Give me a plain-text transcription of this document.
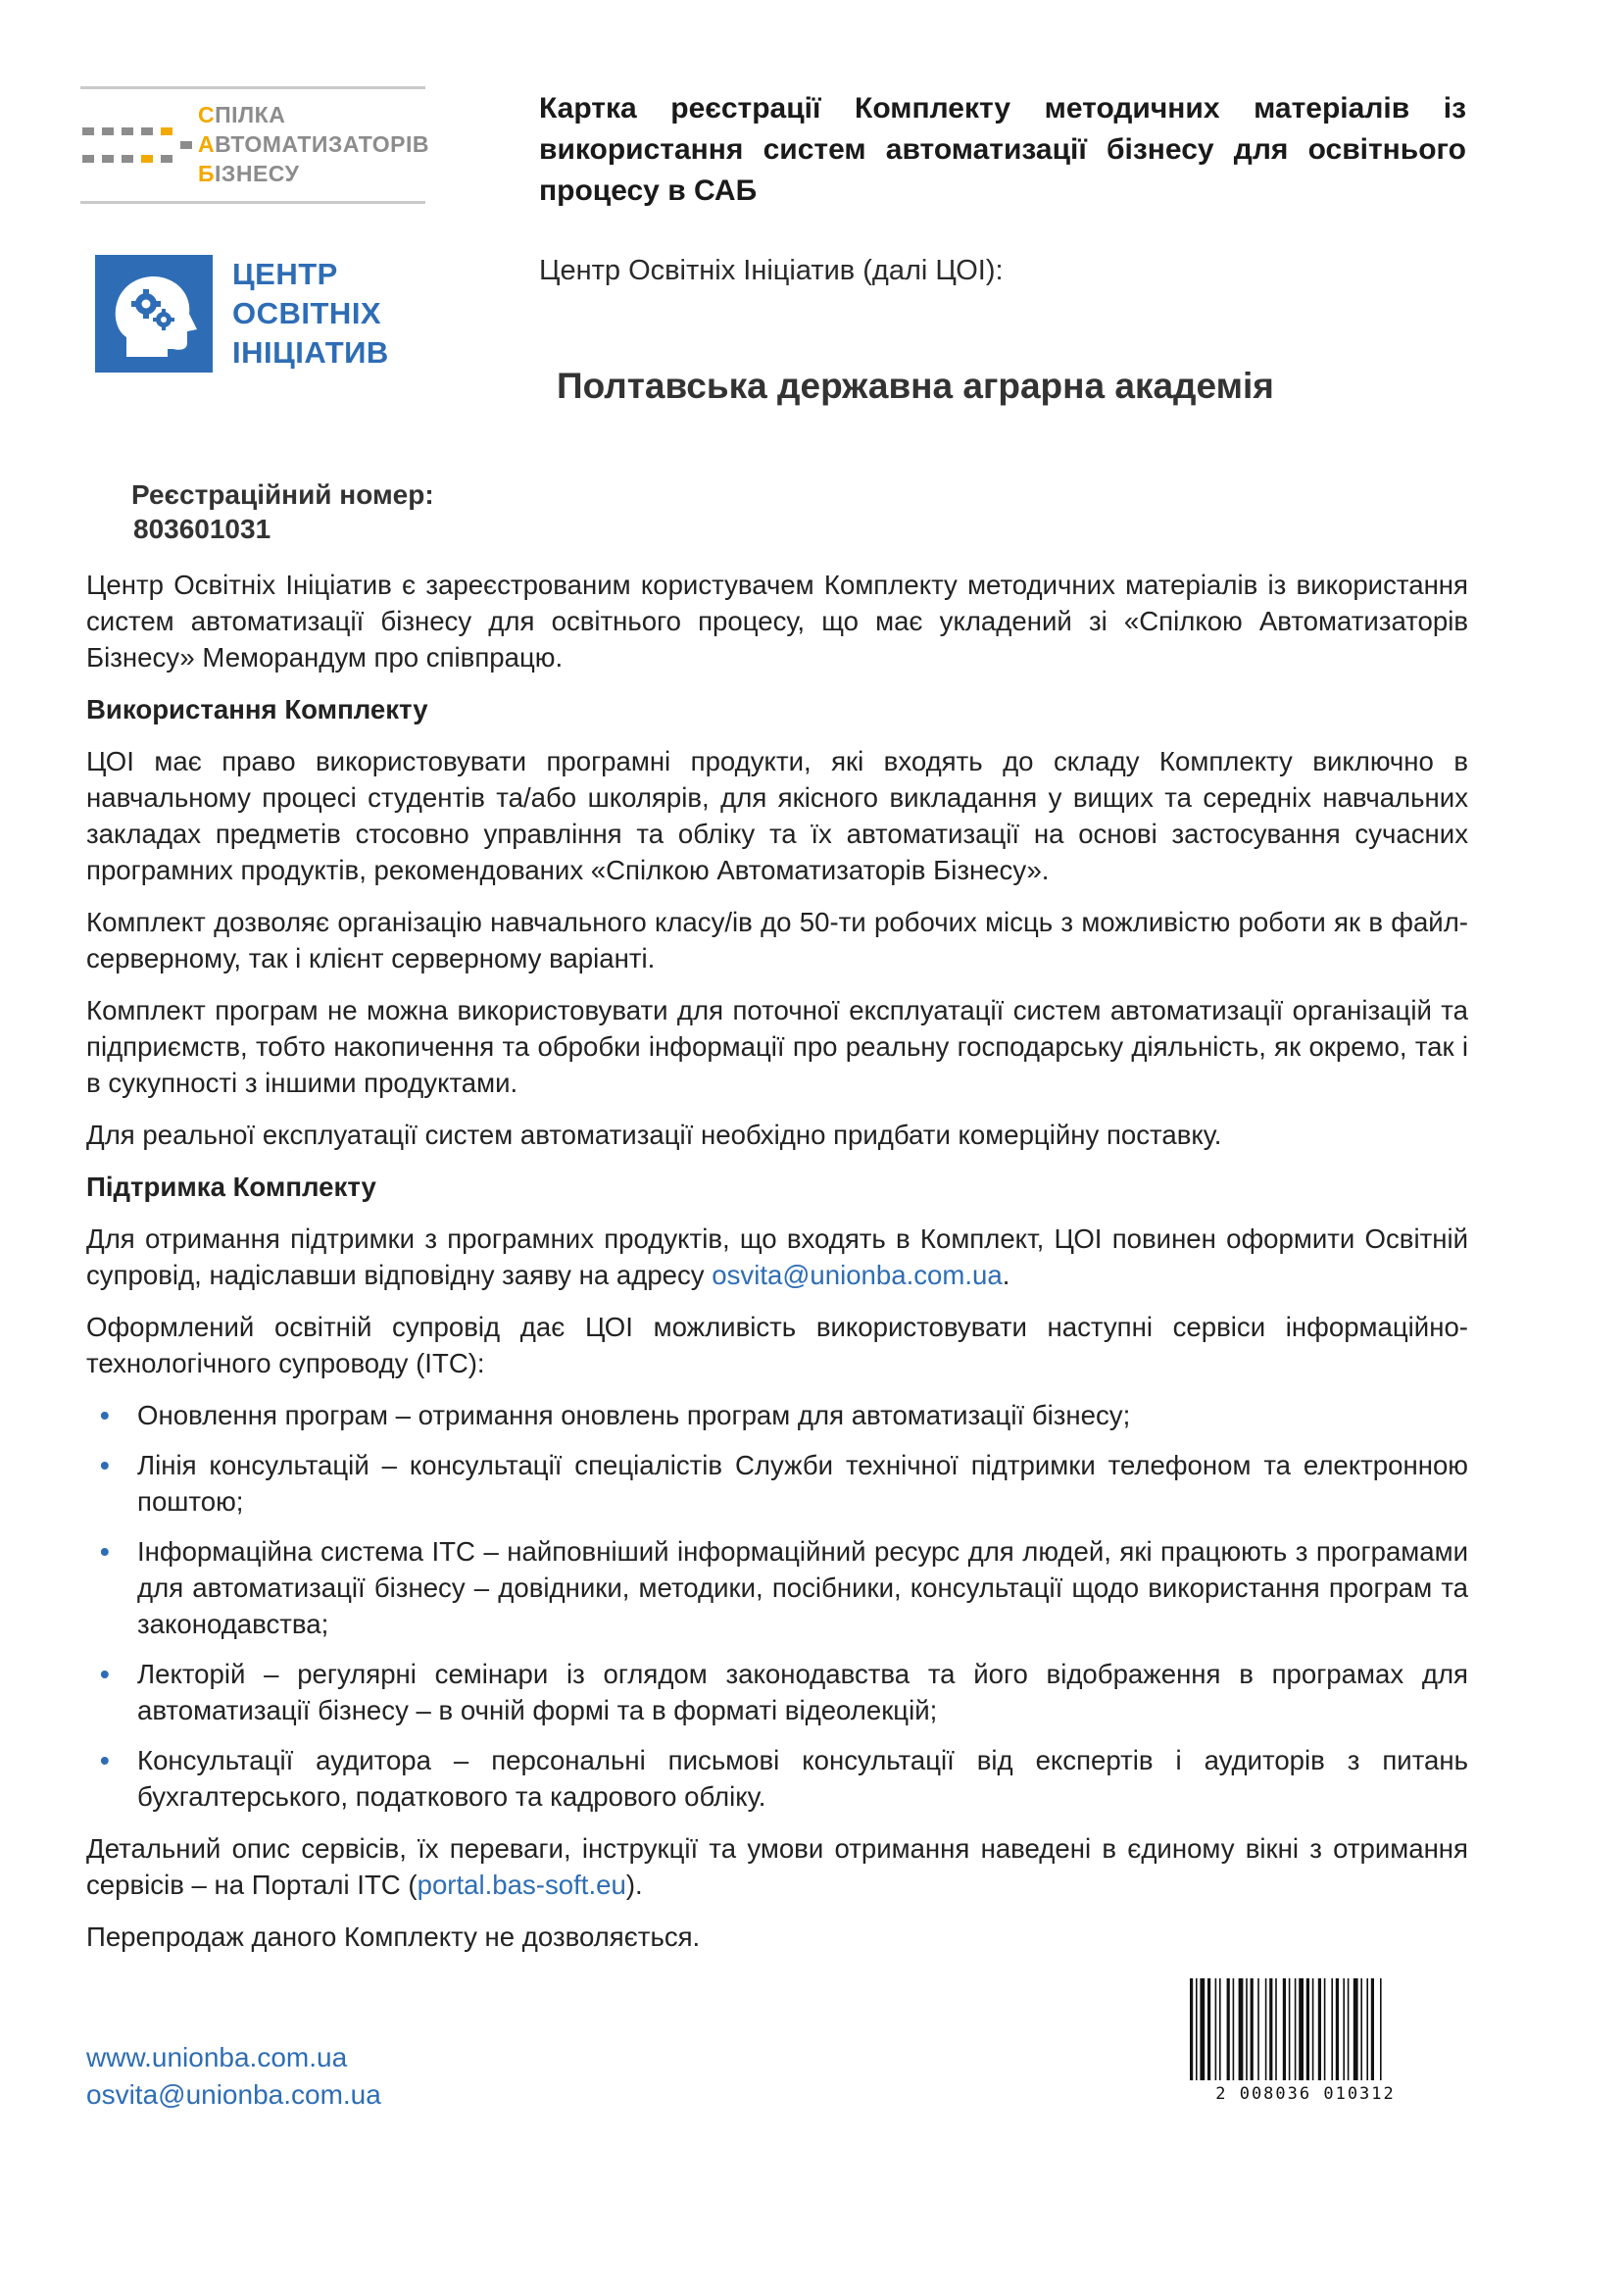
СПІЛКА
АВТОМАТИЗАТОРІВ
БІЗНЕСУ
ЦЕНТР
ОСВІТНІХ
ІНІЦІАТИВ
Реєстраційний номер:
803601031
Картка реєстрації Комплекту методичних матеріалів із використання систем автоматизації бізнесу для освітнього процесу в САБ
Центр Освітніх Ініціатив (далі ЦОІ):
Полтавська державна аграрна академія

Центр Освітніх Ініціатив є зареєстрованим користувачем Комплекту методичних матеріалів із використання систем автоматизації бізнесу для освітнього процесу, що має укладений зі «Спілкою Автоматизаторів Бізнесу» Меморандум про співпрацю.

Використання Комплекту

ЦОІ має право використовувати програмні продукти, які входять до складу Комплекту виключно в навчальному процесі студентів та/або школярів, для якісного викладання у вищих та середніх навчальних закладах предметів стосовно управління та обліку та їх автоматизації на основі застосування сучасних програмних продуктів, рекомендованих «Спілкою Автоматизаторів Бізнесу».

Комплект дозволяє організацію навчального класу/ів до 50-ти робочих місць з можливістю роботи як в файл-серверному, так і клієнт серверному варіанті.

Комплект програм не можна використовувати для поточної експлуатації систем автоматизації організацій та підприємств, тобто накопичення та обробки інформації про реальну господарську діяльність, як окремо, так і в сукупності з іншими продуктами.

Для реальної експлуатації систем автоматизації необхідно придбати комерційну поставку.

Підтримка Комплекту

Для отримання підтримки з програмних продуктів, що входять в Комплект, ЦОІ повинен оформити Освітній супровід, надіславши відповідну заяву на адресу osvita@unionba.com.ua.

Оформлений освітній супровід дає ЦОІ можливість використовувати наступні сервіси інформаційно-технологічного супроводу (ІТС):

• Оновлення програм – отримання оновлень програм для автоматизації бізнесу;
• Лінія консультацій – консультації спеціалістів Служби технічної підтримки телефоном та електронною поштою;
• Інформаційна система ІТС – найповніший інформаційний ресурс для людей, які працюють з програмами для автоматизації бізнесу – довідники, методики, посібники, консультації щодо використання програм та законодавства;
• Лекторій – регулярні семінари із оглядом законодавства та його відображення в програмах для автоматизації бізнесу – в очній формі та в форматі відеолекцій;
• Консультації аудитора – персональні письмові консультації від експертів і аудиторів з питань бухгалтерського, податкового та кадрового обліку.

Детальний опис сервісів, їх переваги, інструкції та умови отримання наведені в єдиному вікні з отримання сервісів – на Порталі ІТС (portal.bas-soft.eu).

Перепродаж даного Комплекту не дозволяється.

www.unionba.com.ua
osvita@unionba.com.ua	2 008036 010312
